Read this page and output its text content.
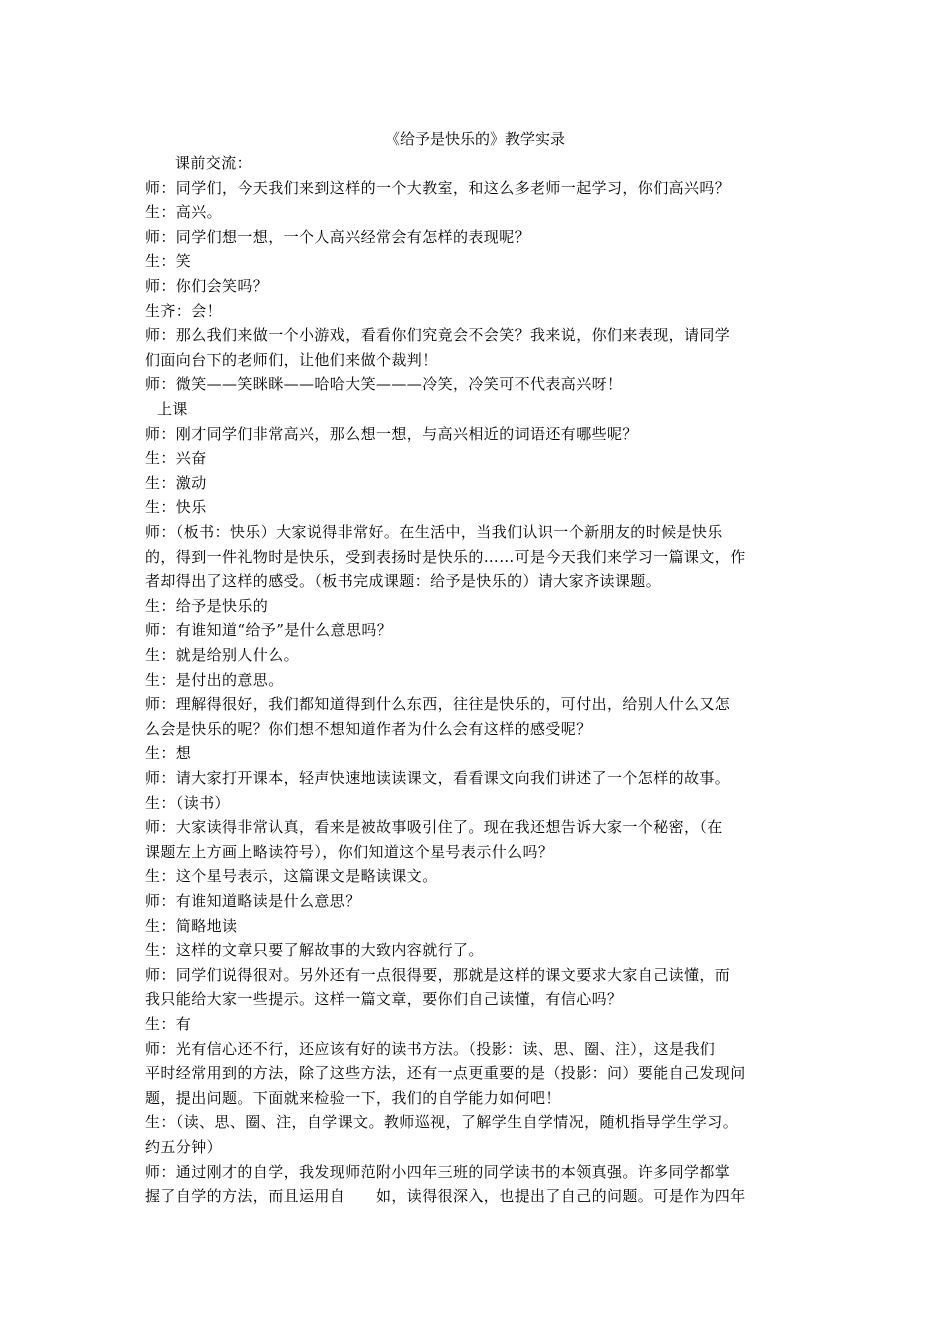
《给予是快乐的》教学实录
课前交流：
师：同学们，今天我们来到这样的一个大教室，和这么多老师一起学习，你们高兴吗？
生：高兴。
师：同学们想一想，一个人高兴经常会有怎样的表现呢？
生：笑
师：你们会笑吗？
生齐：会！
师：那么我们来做一个小游戏，看看你们究竟会不会笑？我来说，你们来表现，请同学
们面向台下的老师们，让他们来做个裁判！
师：微笑——笑眯眯——哈哈大笑———冷笑，冷笑可不代表高兴呀！
上课
师：刚才同学们非常高兴，那么想一想，与高兴相近的词语还有哪些呢？
生：兴奋
生：激动
生：快乐
师：（板书：快乐）大家说得非常好。在生活中，当我们认识一个新朋友的时候是快乐
的，得到一件礼物时是快乐，受到表扬时是快乐的……可是今天我们来学习一篇课文，作
者却得出了这样的感受。（板书完成课题：给予是快乐的）请大家齐读课题。
生：给予是快乐的
师：有谁知道“给予”是什么意思吗？
生：就是给别人什么。
生：是付出的意思。
师：理解得很好，我们都知道得到什么东西，往往是快乐的，可付出，给别人什么又怎
么会是快乐的呢？你们想不想知道作者为什么会有这样的感受呢？
生：想
师：请大家打开课本，轻声快速地读读课文，看看课文向我们讲述了一个怎样的故事。
生：（读书）
师：大家读得非常认真，看来是被故事吸引住了。现在我还想告诉大家一个秘密，（在
课题左上方画上略读符号），你们知道这个星号表示什么吗？
生：这个星号表示，这篇课文是略读课文。
师：有谁知道略读是什么意思？
生：简略地读
生：这样的文章只要了解故事的大致内容就行了。
师：同学们说得很对。另外还有一点很得要，那就是这样的课文要求大家自己读懂，而
我只能给大家一些提示。这样一篇文章，要你们自己读懂，有信心吗？
生：有
师：光有信心还不行，还应该有好的读书方法。（投影：读、思、圈、注），这是我们
平时经常用到的方法，除了这些方法，还有一点更重要的是（投影：问）要能自己发现问
题，提出问题。下面就来检验一下，我们的自学能力如何吧！
生：（读、思、圈、注，自学课文。教师巡视，了解学生自学情况，随机指导学生学习。
约五分钟）
师：通过刚才的自学，我发现师范附小四年三班的同学读书的本领真强。许多同学都掌
握了自学的方法，而且运用自　　如，读得很深入，也提出了自己的问题。可是作为四年
